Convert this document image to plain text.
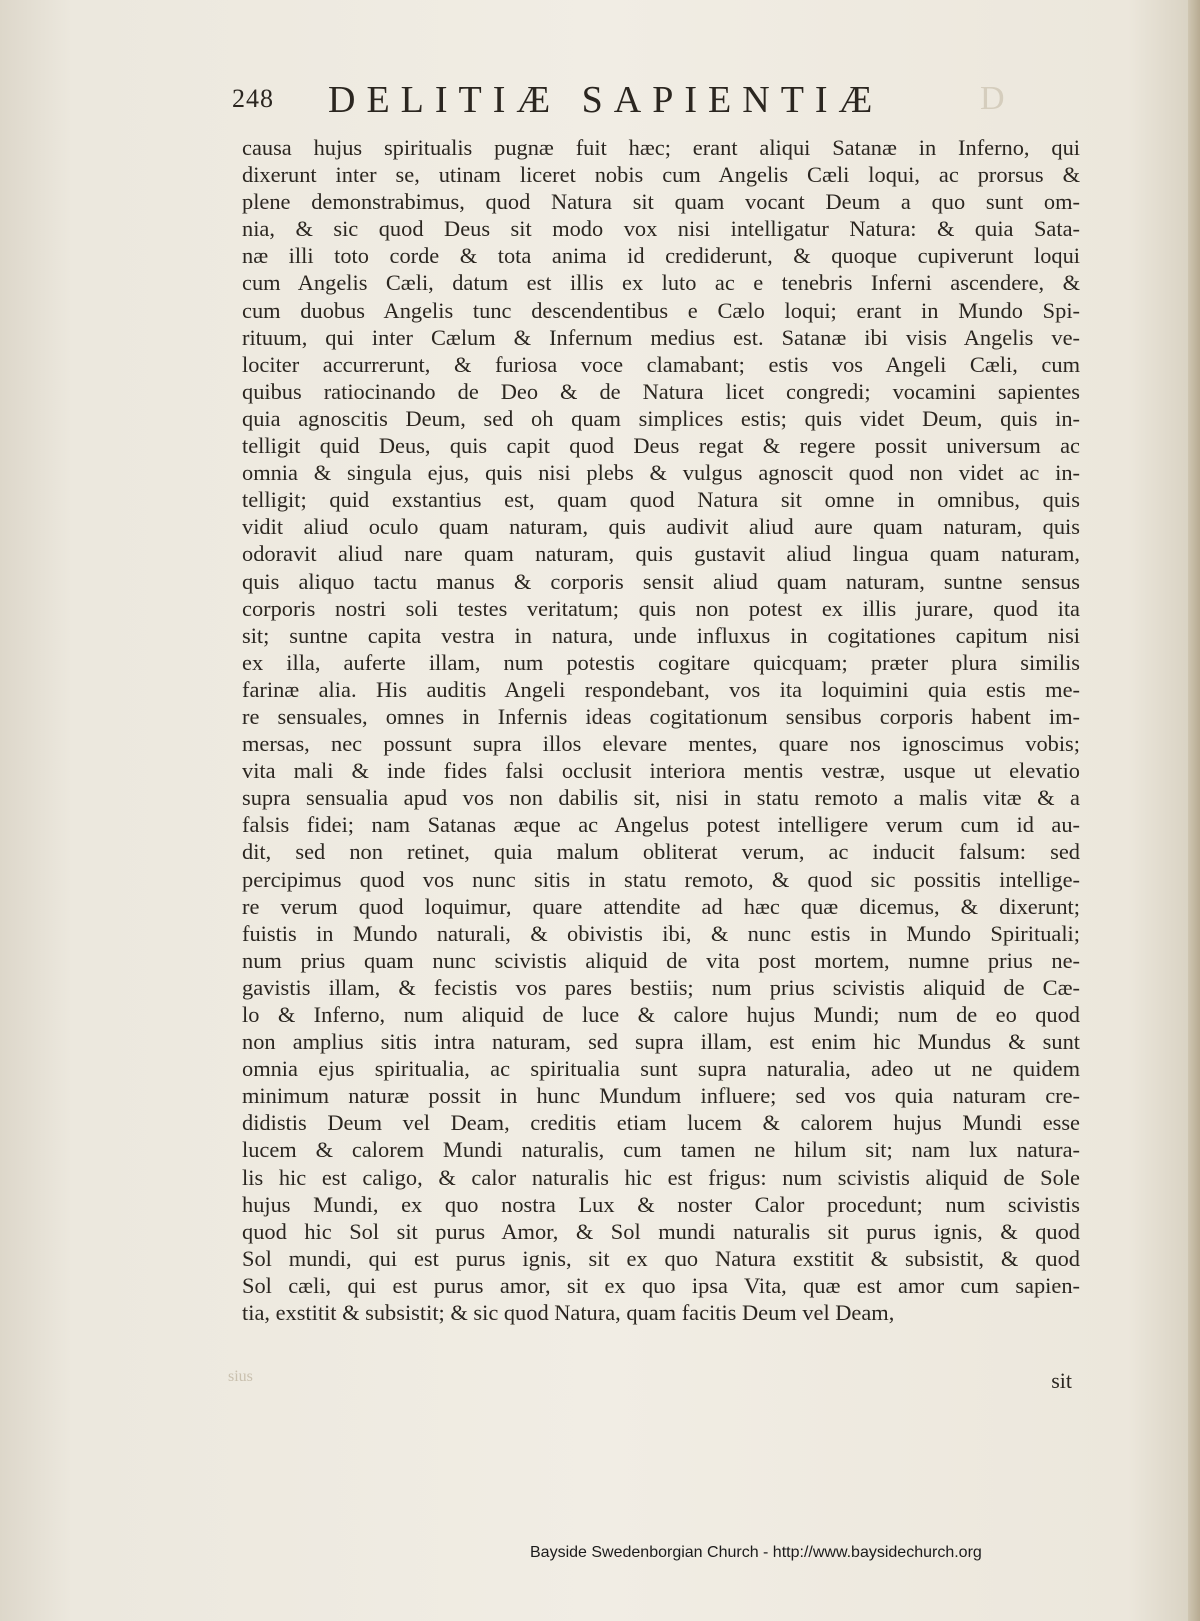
248 DELITIÆ SAPIENTIÆ	D
causa hujus spiritualis pugnæ fuit hæc; erant aliqui Satanæ in Inferno, qui
dixerunt inter se, utinam liceret nobis cum Angelis Cæli loqui, ac prorsus &
plene demonstrabimus, quod Natura sit quam vocant Deum a quo sunt om-
nia, & sic quod Deus sit modo vox nisi intelligatur Natura: & quia Sata-
næ illi toto corde & tota anima id crediderunt, & quoque cupiverunt loqui
cum Angelis Cæli, datum est illis ex luto ac e tenebris Inferni ascendere, &
cum duobus Angelis tunc descendentibus e Cælo loqui; erant in Mundo Spi-
rituum, qui inter Cælum & Infernum medius est. Satanæ ibi visis Angelis ve-
lociter accurrerunt, & furiosa voce clamabant; estis vos Angeli Cæli, cum
quibus ratiocinando de Deo & de Natura licet congredi; vocamini sapientes
quia agnoscitis Deum, sed oh quam simplices estis; quis videt Deum, quis in-
telligit quid Deus, quis capit quod Deus regat & regere possit universum ac
omnia & singula ejus, quis nisi plebs & vulgus agnoscit quod non videt ac in-
telligit; quid exstantius est, quam quod Natura sit omne in omnibus, quis
vidit aliud oculo quam naturam, quis audivit aliud aure quam naturam, quis
odoravit aliud nare quam naturam, quis gustavit aliud lingua quam naturam,
quis aliquo tactu manus & corporis sensit aliud quam naturam, suntne sensus
corporis nostri soli testes veritatum; quis non potest ex illis jurare, quod ita
sit; suntne capita vestra in natura, unde influxus in cogitationes capitum nisi
ex illa, auferte illam, num potestis cogitare quicquam; præter plura similis
farinæ alia. His auditis Angeli respondebant, vos ita loquimini quia estis me-
re sensuales, omnes in Infernis ideas cogitationum sensibus corporis habent im-
mersas, nec possunt supra illos elevare mentes, quare nos ignoscimus vobis;
vita mali & inde fides falsi occlusit interiora mentis vestræ, usque ut elevatio
supra sensualia apud vos non dabilis sit, nisi in statu remoto a malis vitæ & a
falsis fidei; nam Satanas æque ac Angelus potest intelligere verum cum id au-
dit, sed non retinet, quia malum obliterat verum, ac inducit falsum: sed
percipimus quod vos nunc sitis in statu remoto, & quod sic possitis intellige-
re verum quod loquimur, quare attendite ad hæc quæ dicemus, & dixerunt;
fuistis in Mundo naturali, & obivistis ibi, & nunc estis in Mundo Spirituali;
num prius quam nunc scivistis aliquid de vita post mortem, numne prius ne-
gavistis illam, & fecistis vos pares bestiis; num prius scivistis aliquid de Cæ-
lo & Inferno, num aliquid de luce & calore hujus Mundi; num de eo quod
non amplius sitis intra naturam, sed supra illam, est enim hic Mundus & sunt
omnia ejus spiritualia, ac spiritualia sunt supra naturalia, adeo ut ne quidem
minimum naturæ possit in hunc Mundum influere; sed vos quia naturam cre-
didistis Deum vel Deam, creditis etiam lucem & calorem hujus Mundi esse
lucem & calorem Mundi naturalis, cum tamen ne hilum sit; nam lux natura-
lis hic est caligo, & calor naturalis hic est frigus: num scivistis aliquid de Sole
hujus Mundi, ex quo nostra Lux & noster Calor procedunt; num scivistis
quod hic Sol sit purus Amor, & Sol mundi naturalis sit purus ignis, & quod
Sol mundi, qui est purus ignis, sit ex quo Natura exstitit & subsistit, & quod
Sol cæli, qui est purus amor, sit ex quo ipsa Vita, quæ est amor cum sapien-
tia, exstitit & subsistit; & sic quod Natura, quam facitis Deum vel Deam,
sius	sit
Bayside Swedenborgian Church - http://www.baysidechurch.org
